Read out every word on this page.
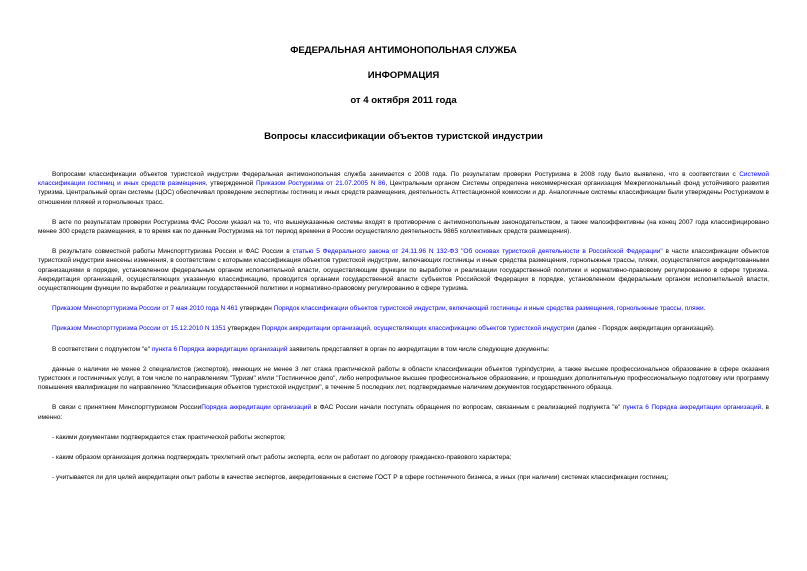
ФЕДЕРАЛЬНАЯ АНТИМОНОПОЛЬНАЯ СЛУЖБА
ИНФОРМАЦИЯ
от 4 октября 2011 года
Вопросы классификации объектов туристской индустрии

Вопросами классификации объектов туристской индустрии Федеральная антимонопольная служба занимается с 2008 года. По результатам проверки Ростуризма в 2008 году было выявлено, что в соответствии с Системой классификации гостиниц и иных средств размещения, утвержденной Приказом Ростуризма от 21.07.2005 N 86, Центральным органом Системы определена некоммерческая организация Межрегиональный фонд устойчивого развития туризма. Центральный орган системы (ЦОС) обеспечивал проведение экспертизы гостиниц и иных средств размещения, деятельность Аттестационной комиссии и др. Аналогичные системы классификации были утверждены Ростуризмом в отношении пляжей и горнолыжных трасс.

В акте по результатам проверки Ростуризма ФАС России указал на то, что вышеуказанные системы входят в противоречие с антимонопольным законодательством, а также малоэффективны (на конец 2007 года классифицировано менее 300 средств размещения, в то время как по данным Ростуризма на тот период времени в России осуществляло деятельность 9865 коллективных средств размещения).

В результате совместной работы Минспорттуризма России и ФАС России в статью 5 Федерального закона от 24.11.96 N 132-ФЗ "Об основах туристской деятельности в Российской Федерации" в части классификации объектов туристской индустрии внесены изменения, в соответствии с которыми классификация объектов туристской индустрии, включающих гостиницы и иные средства размещения, горнолыжные трассы, пляжи, осуществляется аккредитованными организациями в порядке, установленном федеральным органом исполнительной власти, осуществляющим функции по выработке и реализации государственной политики и нормативно-правовому регулированию в сфере туризма. Аккредитация организаций, осуществляющих указанную классификацию, проводится органами государственной власти субъектов Российской Федерации в порядке, установленном федеральным органом исполнительной власти, осуществляющим функции по выработке и реализации государственной политики и нормативно-правовому регулированию в сфере туризма.

Приказом Минспорттуризма России от 7 мая 2010 года N 461 утвержден Порядок классификации объектов туристской индустрии, включающий гостиницы и иные средства размещения, горнолыжные трассы, пляжи.

Приказом Минспорттуризма России от 15.12.2010 N 1351 утвержден Порядок аккредитации организаций, осуществляющих классификацию объектов туристской индустрии (далее - Порядок аккредитации организаций).

В соответствии с подпунктом "е" пункта 6 Порядка аккредитации организаций заявитель представляет в орган по аккредитации в том числе следующие документы:

данные о наличии не менее 2 специалистов (экспертов), имеющих не менее 3 лет стажа практической работы в области классификации объектов турindустрии, а также высшее профессиональное образование в сфере оказания туристских и гостиничных услуг, в том числе по направлениям "Туризм" и/или "Гостиничное дело", либо непрофильное высшее профессиональное образование, и прошедших дополнительную профессиональную подготовку или программу повышения квалификации по направлению "Классификация объектов туристской индустрии", в течение 5 последних лет, подтверждаемые наличием документов государственного образца.

В связи с принятием Минспорттуризмом РоссииПорядка аккредитации организаций в ФАС России начали поступать обращения по вопросам, связанным с реализацией подпункта "е" пункта 6 Порядка аккредитации организаций, в именно:

- какими документами подтверждается стаж практической работы экспертов;

- каким образом организация должна подтверждать трехлетний опыт работы эксперта, если он работает по договору гражданско-правового характера;

- учитывается ли для целей аккредитации опыт работы в качестве экспертов, аккредитованных в системе ГОСТ Р в сфере гостиничного бизнеса, в иных (при наличии) системах классификации гостиниц;
